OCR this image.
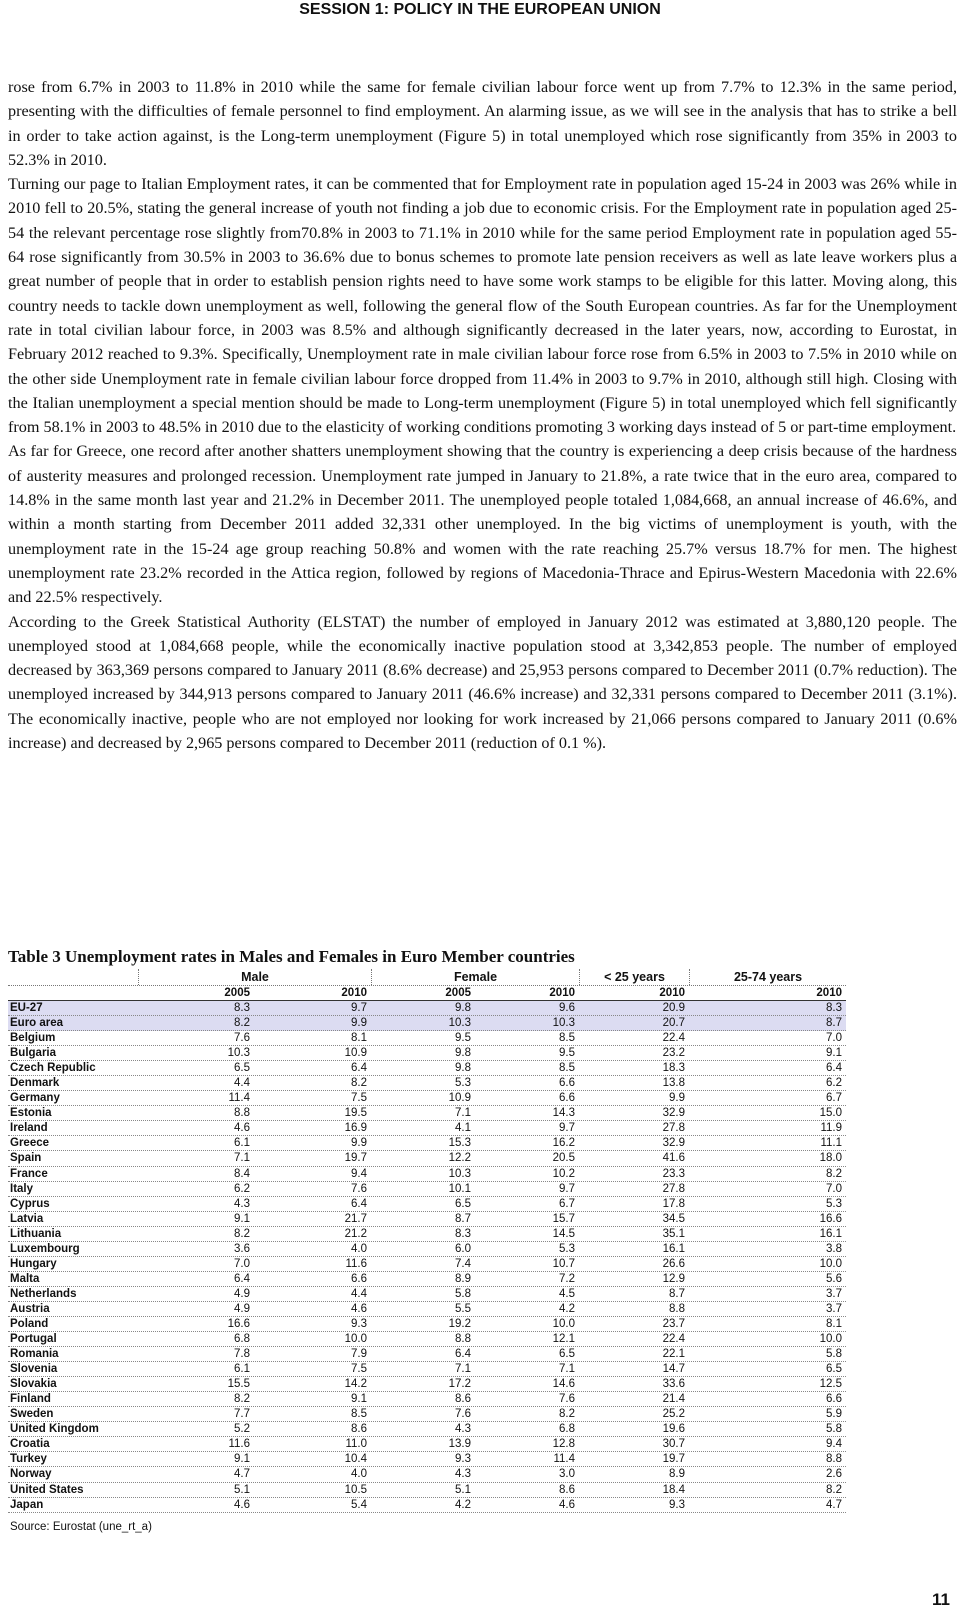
SESSION 1: POLICY IN THE EUROPEAN UNION

rose from 6.7% in 2003 to 11.8% in 2010 while the same for female civilian labour force went up from 7.7% to 12.3% in the same period, presenting with the difficulties of female personnel to find employment. An alarming issue, as we will see in the analysis that has to strike a bell in order to take action against, is the Long-term unemployment (Figure 5) in total unemployed which rose significantly from 35% in 2003 to 52.3% in 2010.

Turning our page to Italian Employment rates, it can be commented that for Employment rate in population aged 15-24 in 2003 was 26% while in 2010 fell to 20.5%, stating the general increase of youth not finding a job due to economic crisis. For the Employment rate in population aged 25-54 the relevant percentage rose slightly from70.8% in 2003 to 71.1% in 2010 while for the same period Employment rate in population aged 55-64 rose significantly from 30.5% in 2003 to 36.6% due to bonus schemes to promote late pension receivers as well as late leave workers plus a great number of people that in order to establish pension rights need to have some work stamps to be eligible for this latter. Moving along, this country needs to tackle down unemployment as well, following the general flow of the South European countries. As far for the Unemployment rate in total civilian labour force, in 2003 was 8.5% and although significantly decreased in the later years, now, according to Eurostat, in February 2012 reached to 9.3%. Specifically, Unemployment rate in male civilian labour force rose from 6.5% in 2003 to 7.5% in 2010 while on the other side Unemployment rate in female civilian labour force dropped from 11.4% in 2003 to 9.7% in 2010, although still high. Closing with the Italian unemployment a special mention should be made to Long-term unemployment (Figure 5) in total unemployed which fell significantly from 58.1% in 2003 to 48.5% in 2010 due to the elasticity of working conditions promoting 3 working days instead of 5 or part-time employment.

As far for Greece, one record after another shatters unemployment showing that the country is experiencing a deep crisis because of the hardness of austerity measures and prolonged recession. Unemployment rate jumped in January to 21.8%, a rate twice that in the euro area, compared to 14.8% in the same month last year and 21.2% in December 2011. The unemployed people totaled 1,084,668, an annual increase of 46.6%, and within a month starting from December 2011 added 32,331 other unemployed. In the big victims of unemployment is youth, with the unemployment rate in the 15-24 age group reaching 50.8% and women with the rate reaching 25.7% versus 18.7% for men. The highest unemployment rate 23.2% recorded in the Attica region, followed by regions of Macedonia-Thrace and Epirus-Western Macedonia with 22.6% and 22.5% respectively.

According to the Greek Statistical Authority (ELSTAT) the number of employed in January 2012 was estimated at 3,880,120 people. The unemployed stood at 1,084,668 people, while the economically inactive population stood at 3,342,853 people. The number of employed decreased by 363,369 persons compared to January 2011 (8.6% decrease) and 25,953 persons compared to December 2011 (0.7% reduction). The unemployed increased by 344,913 persons compared to January 2011 (46.6% increase) and 32,331 persons compared to December 2011 (3.1%). The economically inactive, people who are not employed nor looking for work increased by 21,066 persons compared to January 2011 (0.6% increase) and decreased by 2,965 persons compared to December 2011 (reduction of 0.1 %).

Table 3 Unemployment rates in Males and Females in Euro Member countries
Male	Female	< 25 years	25-74 years
2005	2010	2005	2010	2010	2010
EU-27	8.3	9.7	9.8	9.6	20.9	8.3
Euro area	8.2	9.9	10.3	10.3	20.7	8.7
Belgium	7.6	8.1	9.5	8.5	22.4	7.0
Bulgaria	10.3	10.9	9.8	9.5	23.2	9.1
Czech Republic	6.5	6.4	9.8	8.5	18.3	6.4
Denmark	4.4	8.2	5.3	6.6	13.8	6.2
Germany	11.4	7.5	10.9	6.6	9.9	6.7
Estonia	8.8	19.5	7.1	14.3	32.9	15.0
Ireland	4.6	16.9	4.1	9.7	27.8	11.9
Greece	6.1	9.9	15.3	16.2	32.9	11.1
Spain	7.1	19.7	12.2	20.5	41.6	18.0
France	8.4	9.4	10.3	10.2	23.3	8.2
Italy	6.2	7.6	10.1	9.7	27.8	7.0
Cyprus	4.3	6.4	6.5	6.7	17.8	5.3
Latvia	9.1	21.7	8.7	15.7	34.5	16.6
Lithuania	8.2	21.2	8.3	14.5	35.1	16.1
Luxembourg	3.6	4.0	6.0	5.3	16.1	3.8
Hungary	7.0	11.6	7.4	10.7	26.6	10.0
Malta	6.4	6.6	8.9	7.2	12.9	5.6
Netherlands	4.9	4.4	5.8	4.5	8.7	3.7
Austria	4.9	4.6	5.5	4.2	8.8	3.7
Poland	16.6	9.3	19.2	10.0	23.7	8.1
Portugal	6.8	10.0	8.8	12.1	22.4	10.0
Romania	7.8	7.9	6.4	6.5	22.1	5.8
Slovenia	6.1	7.5	7.1	7.1	14.7	6.5
Slovakia	15.5	14.2	17.2	14.6	33.6	12.5
Finland	8.2	9.1	8.6	7.6	21.4	6.6
Sweden	7.7	8.5	7.6	8.2	25.2	5.9
United Kingdom	5.2	8.6	4.3	6.8	19.6	5.8
Croatia	11.6	11.0	13.9	12.8	30.7	9.4
Turkey	9.1	10.4	9.3	11.4	19.7	8.8
Norway	4.7	4.0	4.3	3.0	8.9	2.6
United States	5.1	10.5	5.1	8.6	18.4	8.2
Japan	4.6	5.4	4.2	4.6	9.3	4.7
Source: Eurostat (une_rt_a)
11
